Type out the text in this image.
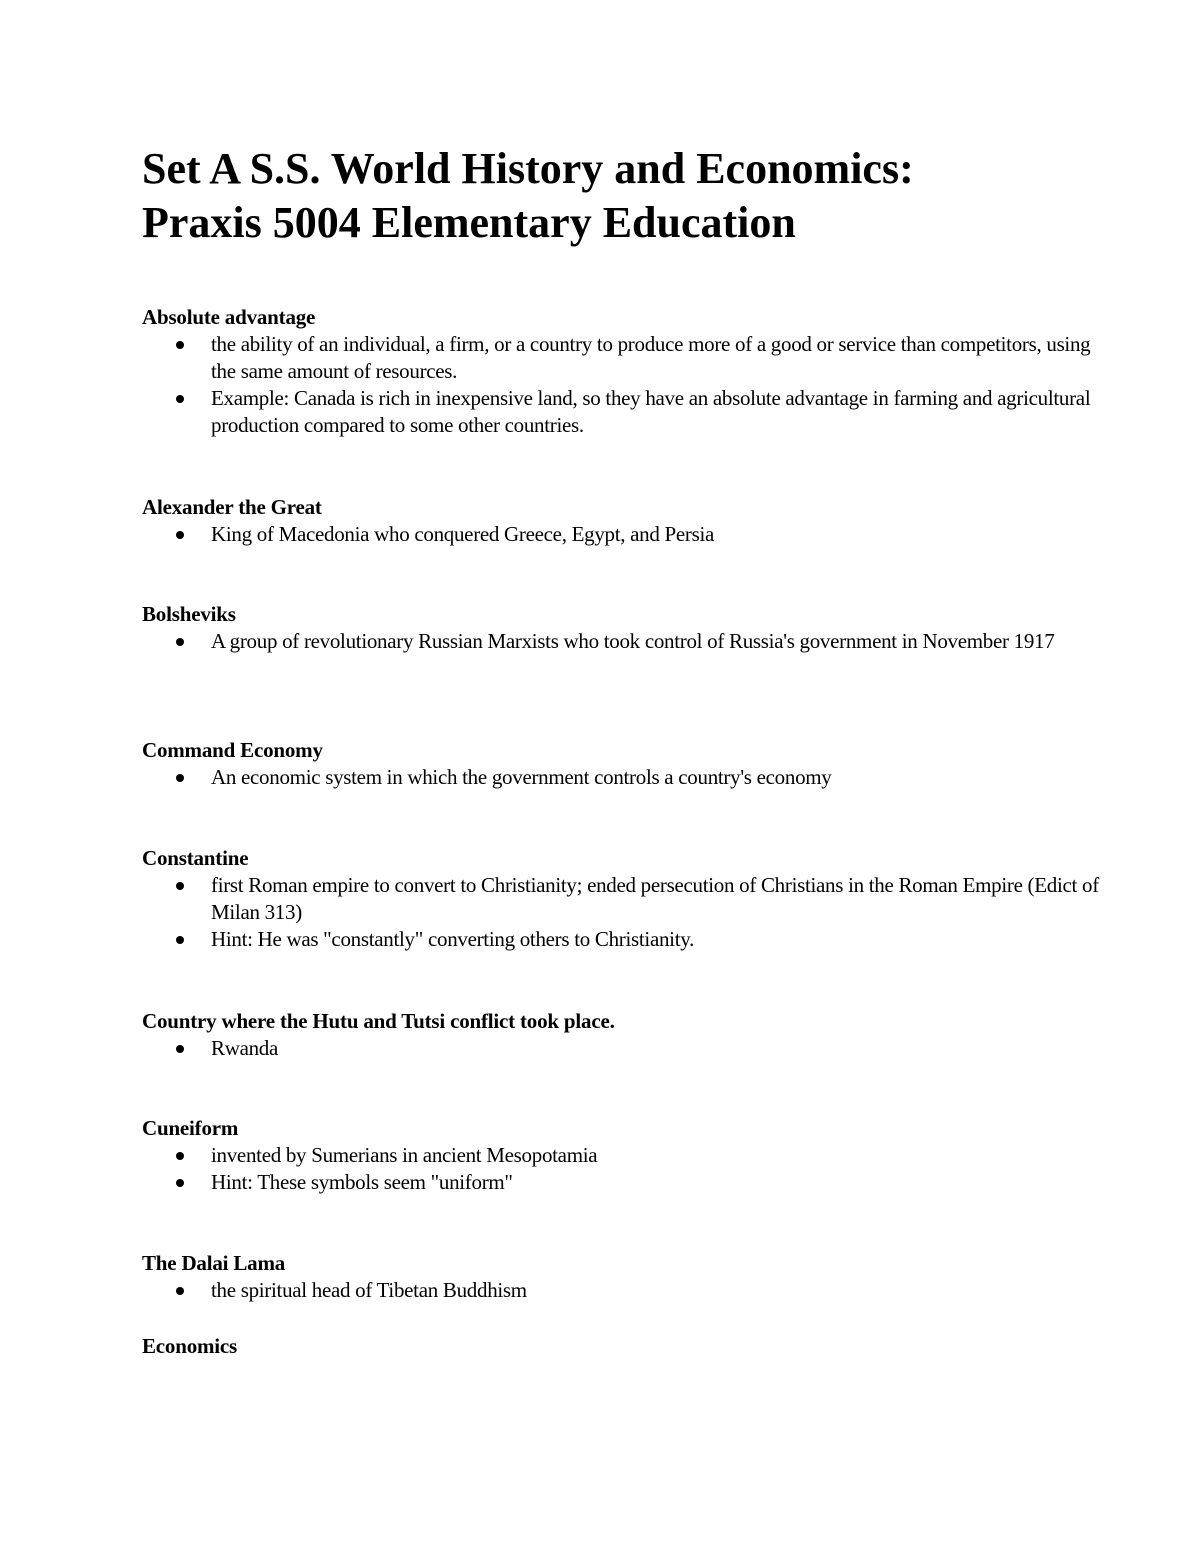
Set A S.S. World History and Economics:
Praxis 5004 Elementary Education
Absolute advantage
the ability of an individual, a firm, or a country to produce more of a good or service than competitors, using the same amount of resources.
Example: Canada is rich in inexpensive land, so they have an absolute advantage in farming and agricultural production compared to some other countries.
Alexander the Great
King of Macedonia who conquered Greece, Egypt, and Persia
Bolsheviks
A group of revolutionary Russian Marxists who took control of Russia's government in November 1917
Command Economy
An economic system in which the government controls a country's economy
Constantine
first Roman empire to convert to Christianity; ended persecution of Christians in the Roman Empire (Edict of Milan 313)
Hint: He was "constantly" converting others to Christianity.
Country where the Hutu and Tutsi conflict took place.
Rwanda
Cuneiform
invented by Sumerians in ancient Mesopotamia
Hint: These symbols seem "uniform"
The Dalai Lama
the spiritual head of Tibetan Buddhism
Economics
